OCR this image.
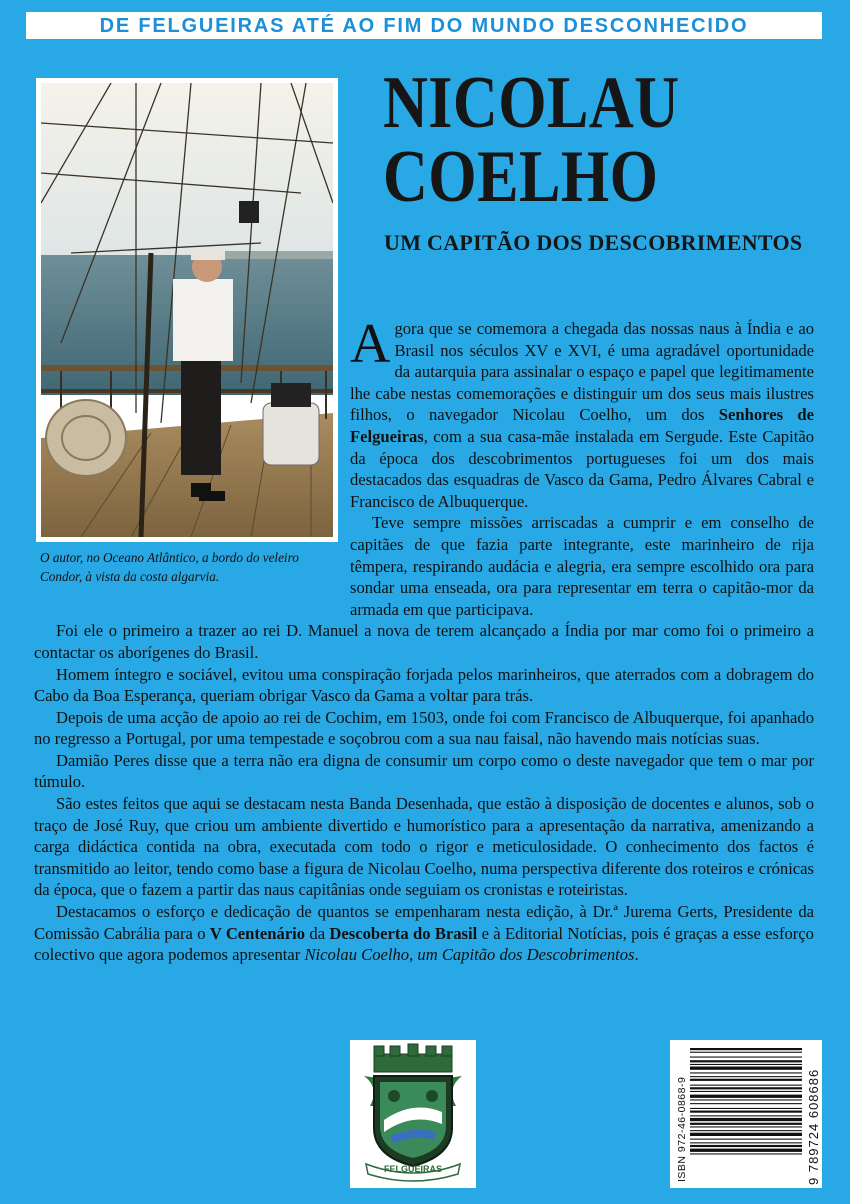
DE FELGUEIRAS ATÉ AO FIM DO MUNDO DESCONHECIDO
O autor, no Oceano Atlântico, a bordo do veleiro
Condor, à vista da costa algarvia.
NICOLAU
COELHO
UM CAPITÃO DOS DESCOBRIMENTOS

Agora que se comemora a chegada das nossas naus à Índia e ao Brasil nos séculos XV e XVI, é uma agradável oportunidade da autarquia para assinalar o espaço e papel que legitimamente lhe cabe nestas comemorações e distinguir um dos seus mais ilustres filhos, o navegador Nicolau Coelho, um dos Senhores de Felgueiras, com a sua casa-mãe instalada em Sergude. Este Capitão da época dos descobrimentos portugueses foi um dos mais destacados das esquadras de Vasco da Gama, Pedro Álvares Cabral e Francisco de Albuquerque.

Teve sempre missões arriscadas a cumprir e em conselho de capitães de que fazia parte integrante, este marinheiro de rija têmpera, respirando audácia e alegria, era sempre escolhido ora para sondar uma enseada, ora para representar em terra o capitão-mor da armada em que participava.

Foi ele o primeiro a trazer ao rei D. Manuel a nova de terem alcançado a Índia por mar como foi o primeiro a contactar os aborígenes do Brasil.

Homem íntegro e sociável, evitou uma conspiração forjada pelos marinheiros, que aterrados com a dobragem do Cabo da Boa Esperança, queriam obrigar Vasco da Gama a voltar para trás.

Depois de uma acção de apoio ao rei de Cochim, em 1503, onde foi com Francisco de Albuquerque, foi apanhado no regresso a Portugal, por uma tempestade e soçobrou com a sua nau faisal, não havendo mais notícias suas.

Damião Peres disse que a terra não era digna de consumir um corpo como o deste navegador que tem o mar por túmulo.

São estes feitos que aqui se destacam nesta Banda Desenhada, que estão à disposição de docentes e alunos, sob o traço de José Ruy, que criou um ambiente divertido e humorístico para a apresentação da narrativa, amenizando a carga didáctica contida na obra, executada com todo o rigor e meticulosidade. O conhecimento dos factos é transmitido ao leitor, tendo como base a figura de Nicolau Coelho, numa perspectiva diferente dos roteiros e crónicas da época, que o fazem a partir das naus capitânias onde seguiam os cronistas e roteiristas.

Destacamos o esforço e dedicação de quantos se empenharam nesta edição, à Dr.ª Jurema Gerts, Presidente da Comissão Cabrália para o V Centenário da Descoberta do Brasil e à Editorial Notícias, pois é graças a esse esforço colectivo que agora podemos apresentar Nicolau Coelho, um Capitão dos Descobrimentos.

FELGUEIRAS	ISBN 972-46-0868-9	9 789724 608686
